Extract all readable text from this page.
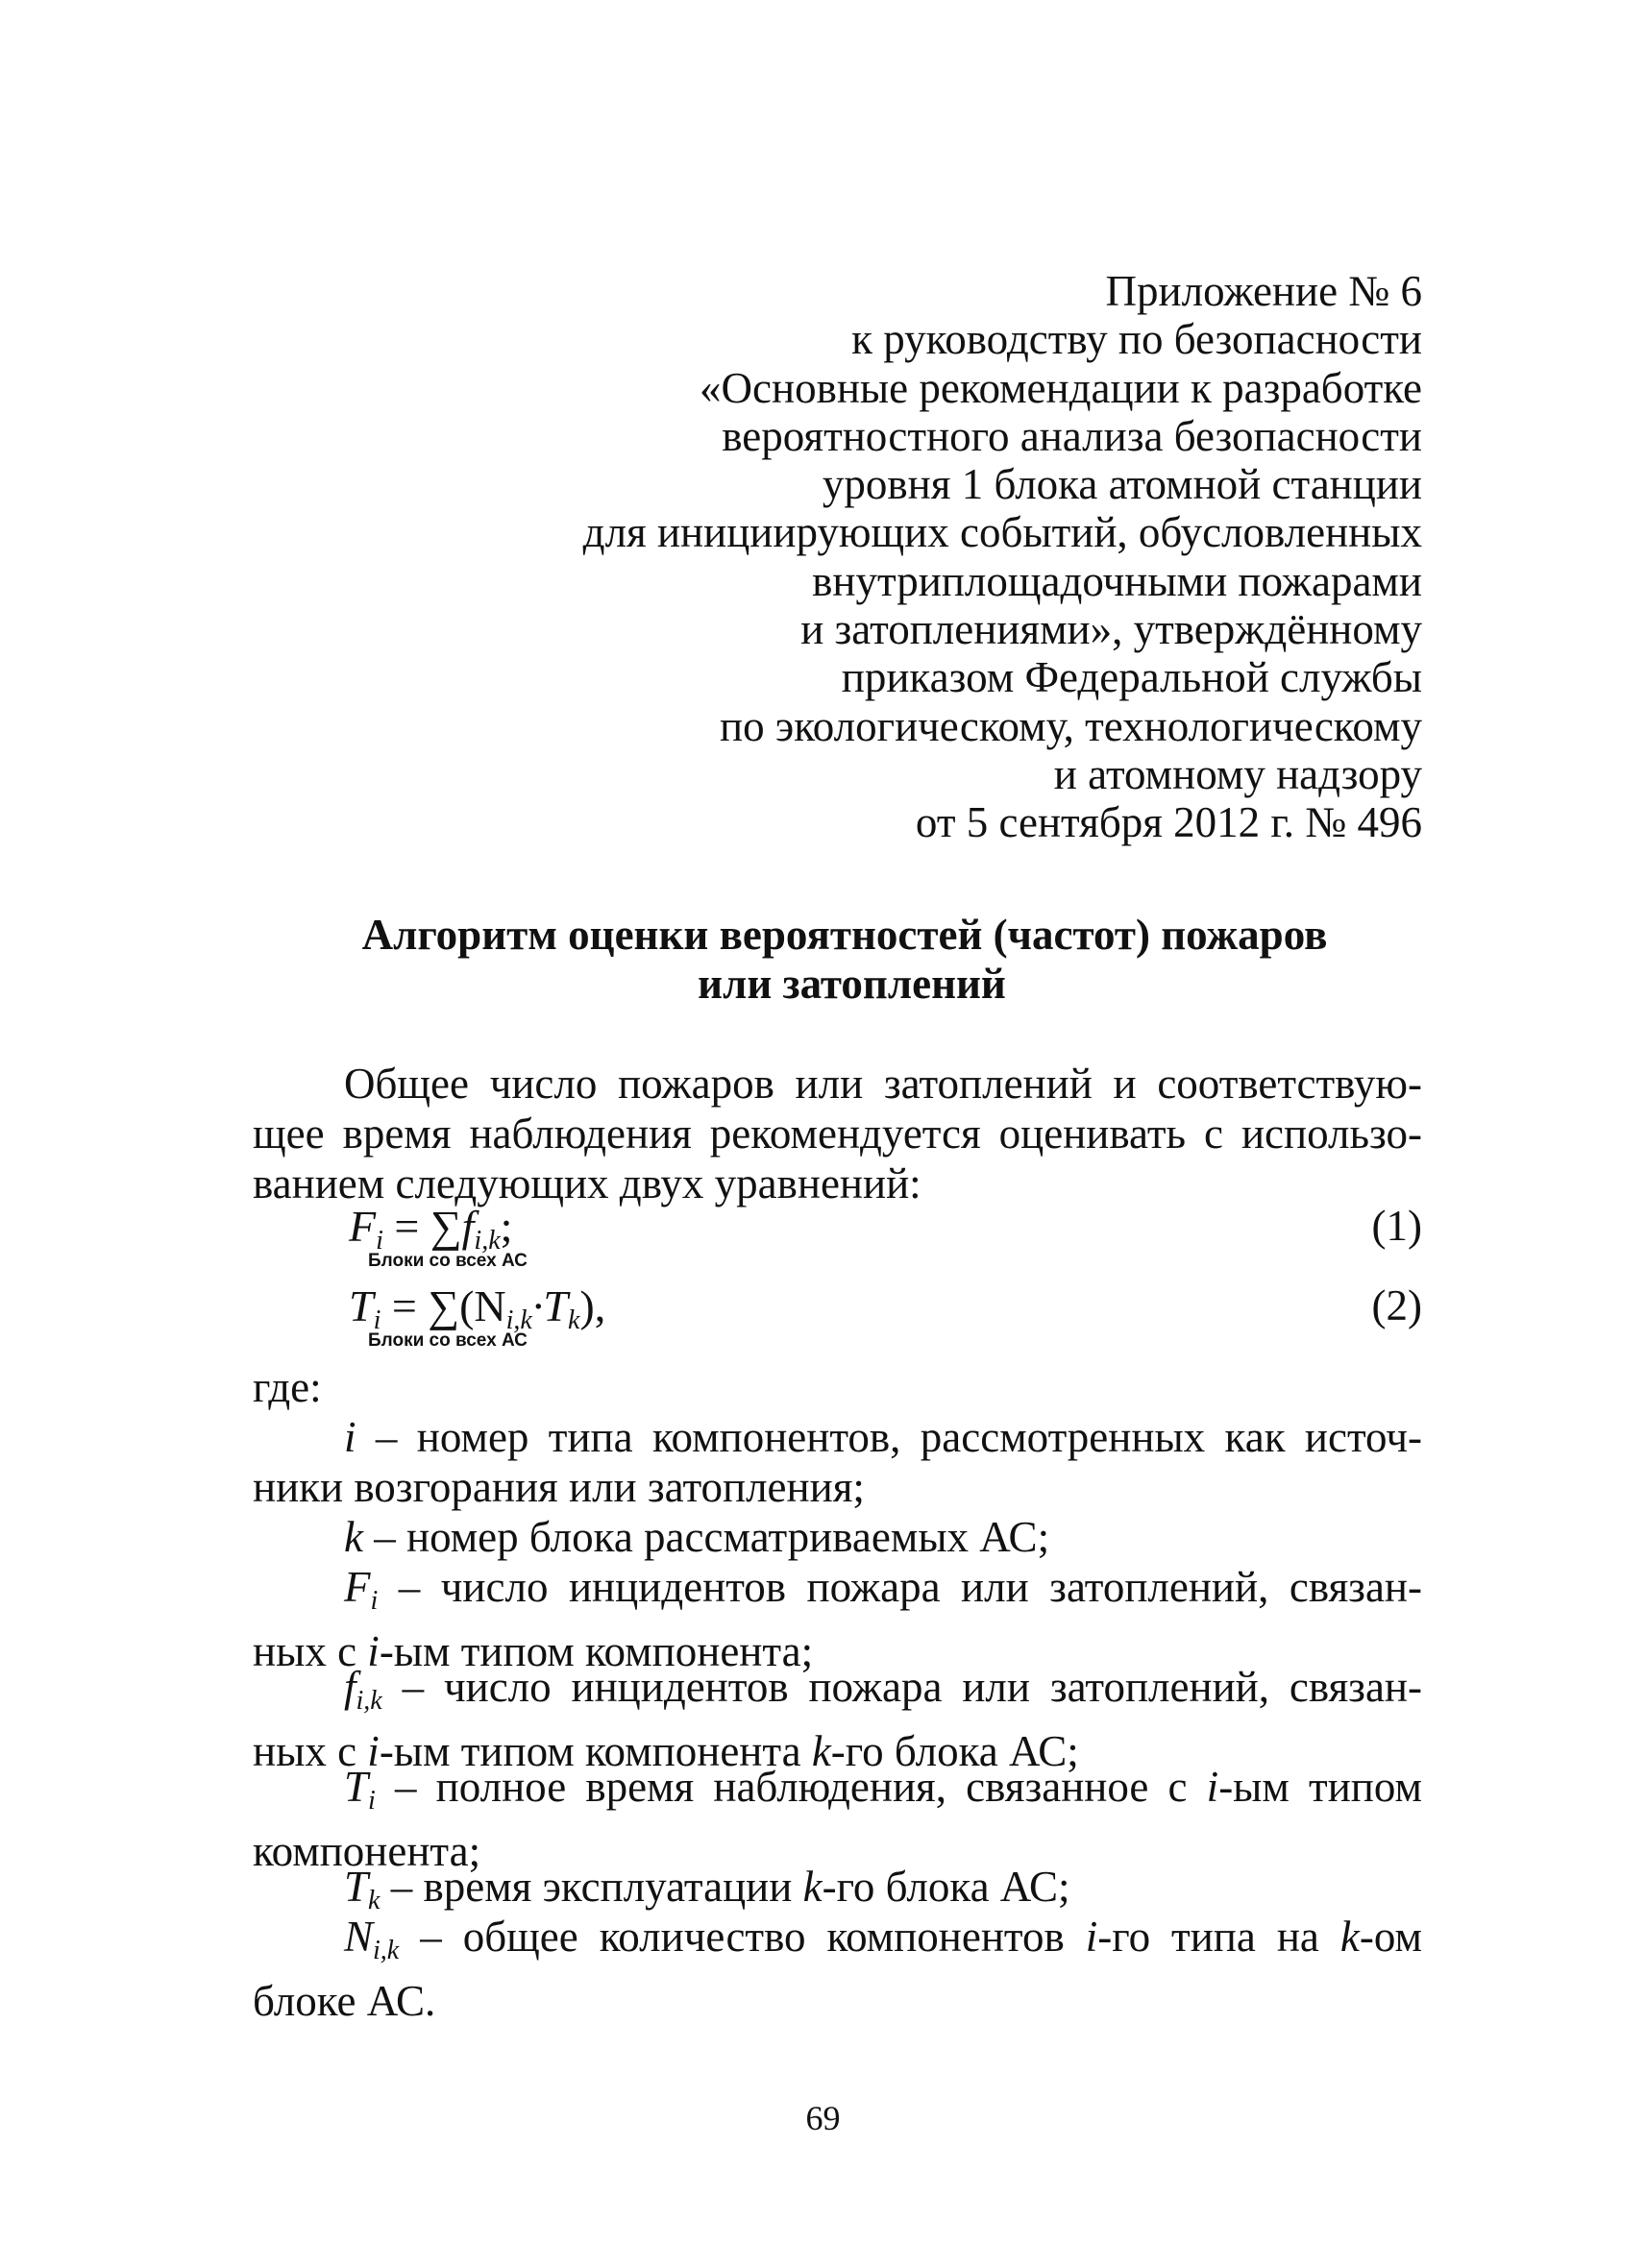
Приложение № 6
к руководству по безопасности
«Основные рекомендации к разработке
вероятностного анализа безопасности
уровня 1 блока атомной станции
для инициирующих событий, обусловленных
внутриплощадочными пожарами
и затоплениями», утверждённому
приказом Федеральной службы
по экологическому, технологическому
и атомному надзору
от 5 сентября 2012 г. № 496
Алгоритм оценки вероятностей (частот) пожаров
или затоплений
Общее число пожаров или затоплений и соответствую-
щее время наблюдения рекомендуется оценивать с использо-
ванием следующих двух уравнений:
$F_i = \sum f_{i,k}$;
Блоки со всех АС
(1)
$T_i = \sum(N_{i,k}\cdot T_k)$,
Блоки со всех АС
(2)
где:
i – номер типа компонентов, рассмотренных как источ-
ники возгорания или затопления;
k – номер блока рассматриваемых АС;
$F_i$ – число инцидентов пожара или затоплений, связан-
ных с i-ым типом компонента;
$f_{i,k}$ – число инцидентов пожара или затоплений, связан-
ных с i-ым типом компонента k-го блока АС;
$T_i$ – полное время наблюдения, связанное с i-ым типом
компонента;
$T_k$ – время эксплуатации k-го блока АС;
$N_{i,k}$ – общее количество компонентов i-го типа на k-ом
блоке АС.
69
